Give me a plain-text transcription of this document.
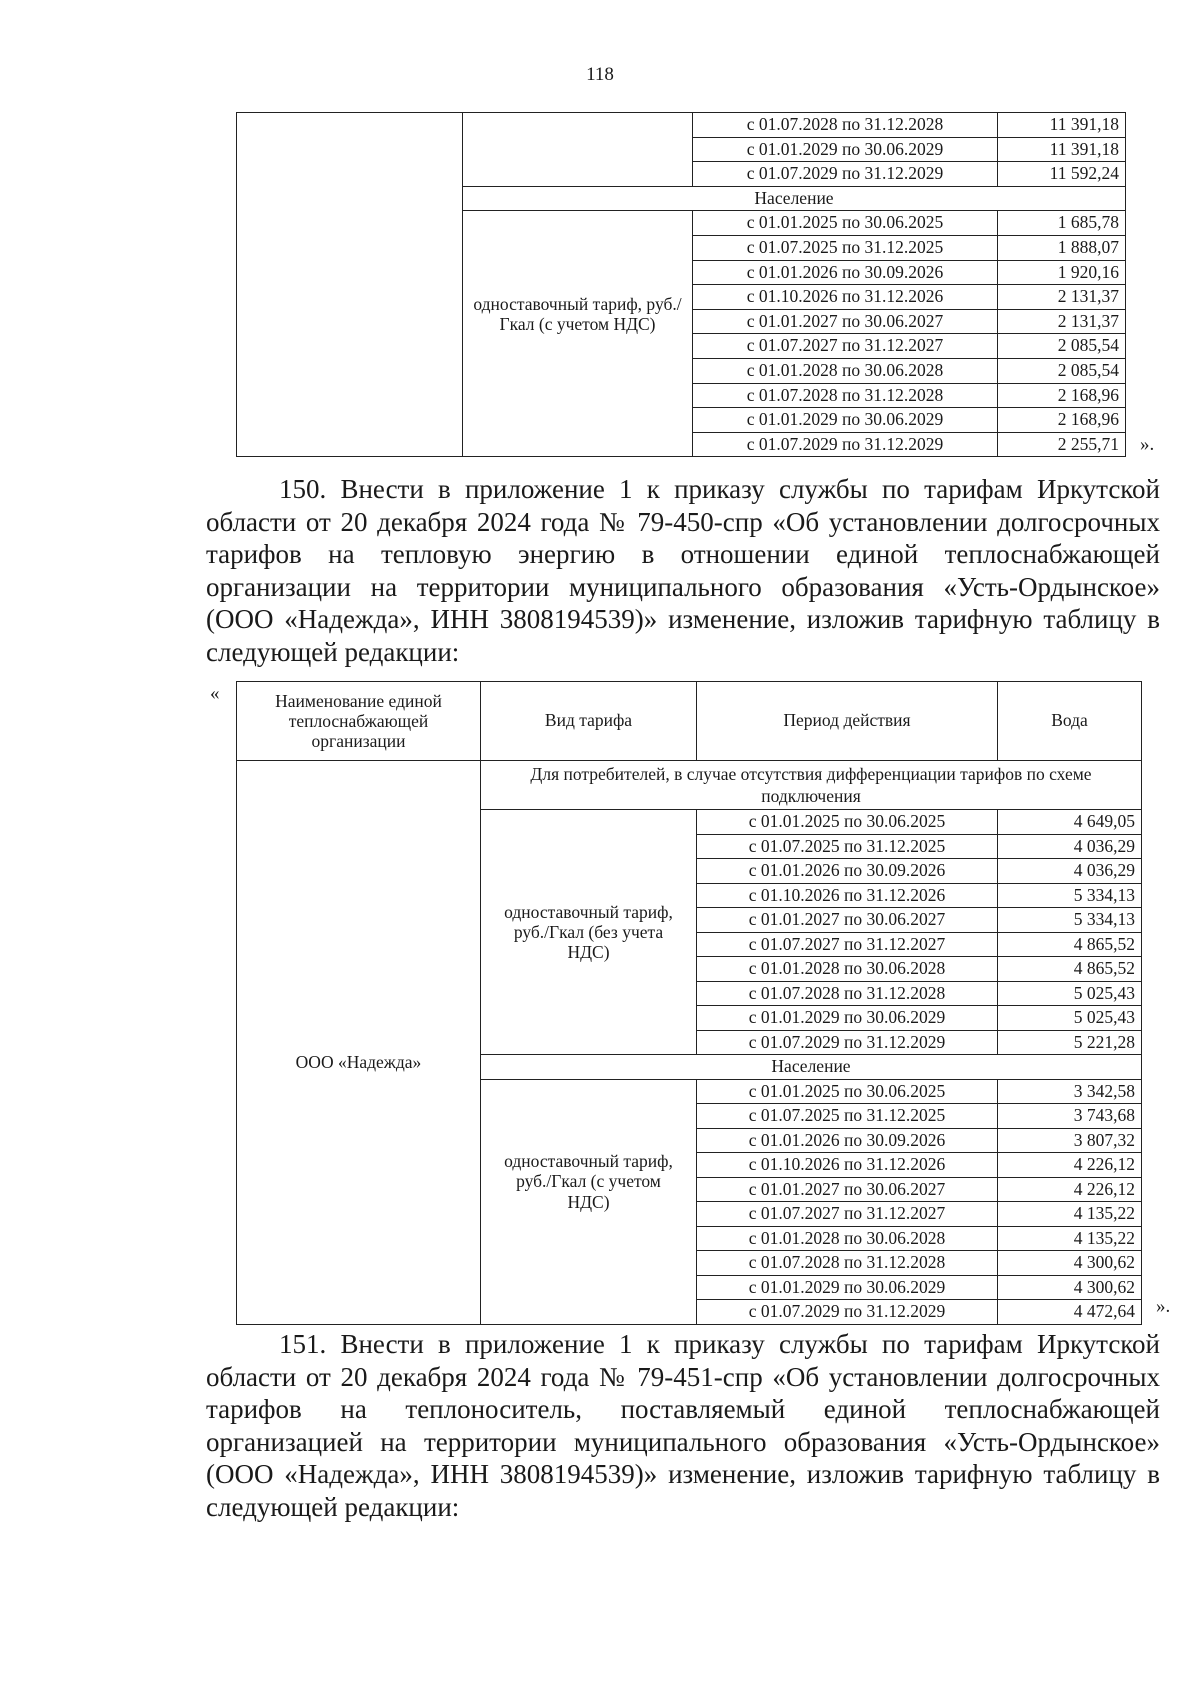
118
		с 01.07.2028 по 31.12.2028	11 391,18
		с 01.01.2029 по 30.06.2029	11 391,18
		с 01.07.2029 по 31.12.2029	11 592,24
	Население		
	одноставочный тариф, руб./Гкал (с учетом НДС)	с 01.01.2025 по 30.06.2025	1 685,78
		с 01.07.2025 по 31.12.2025	1 888,07
		с 01.01.2026 по 30.09.2026	1 920,16
		с 01.10.2026 по 31.12.2026	2 131,37
		с 01.01.2027 по 30.06.2027	2 131,37
		с 01.07.2027 по 31.12.2027	2 085,54
		с 01.01.2028 по 30.06.2028	2 085,54
		с 01.07.2028 по 31.12.2028	2 168,96
		с 01.01.2029 по 30.06.2029	2 168,96
		с 01.07.2029 по 31.12.2029	2 255,71 ».

150. Внести в приложение 1 к приказу службы по тарифам Иркутской области от 20 декабря 2024 года № 79-450-спр «Об установлении долгосрочных тарифов на тепловую энергию в отношении единой теплоснабжающей организации на территории муниципального образования «Усть-Ордынское» (ООО «Надежда», ИНН 3808194539)» изменение, изложив тарифную таблицу в следующей редакции:

«	Наименование единой теплоснабжающей организации	Вид тарифа	Период действия	Вода
ООО «Надежда»	Для потребителей, в случае отсутствия дифференциации тарифов по схеме подключения		
	одноставочный тариф, руб./Гкал (без учета НДС)	с 01.01.2025 по 30.06.2025	4 649,05
		с 01.07.2025 по 31.12.2025	4 036,29
		с 01.01.2026 по 30.09.2026	4 036,29
		с 01.10.2026 по 31.12.2026	5 334,13
		с 01.01.2027 по 30.06.2027	5 334,13
		с 01.07.2027 по 31.12.2027	4 865,52
		с 01.01.2028 по 30.06.2028	4 865,52
		с 01.07.2028 по 31.12.2028	5 025,43
		с 01.01.2029 по 30.06.2029	5 025,43
		с 01.07.2029 по 31.12.2029	5 221,28
	Население		
	одноставочный тариф, руб./Гкал (с учетом НДС)	с 01.01.2025 по 30.06.2025	3 342,58
		с 01.07.2025 по 31.12.2025	3 743,68
		с 01.01.2026 по 30.09.2026	3 807,32
		с 01.10.2026 по 31.12.2026	4 226,12
		с 01.01.2027 по 30.06.2027	4 226,12
		с 01.07.2027 по 31.12.2027	4 135,22
		с 01.01.2028 по 30.06.2028	4 135,22
		с 01.07.2028 по 31.12.2028	4 300,62
		с 01.01.2029 по 30.06.2029	4 300,62
		с 01.07.2029 по 31.12.2029	4 472,64 ».

151. Внести в приложение 1 к приказу службы по тарифам Иркутской области от 20 декабря 2024 года № 79-451-спр «Об установлении долгосрочных тарифов на теплоноситель, поставляемый единой теплоснабжающей организацией на территории муниципального образования «Усть-Ордынское» (ООО «Надежда», ИНН 3808194539)» изменение, изложив тарифную таблицу в следующей редакции:
